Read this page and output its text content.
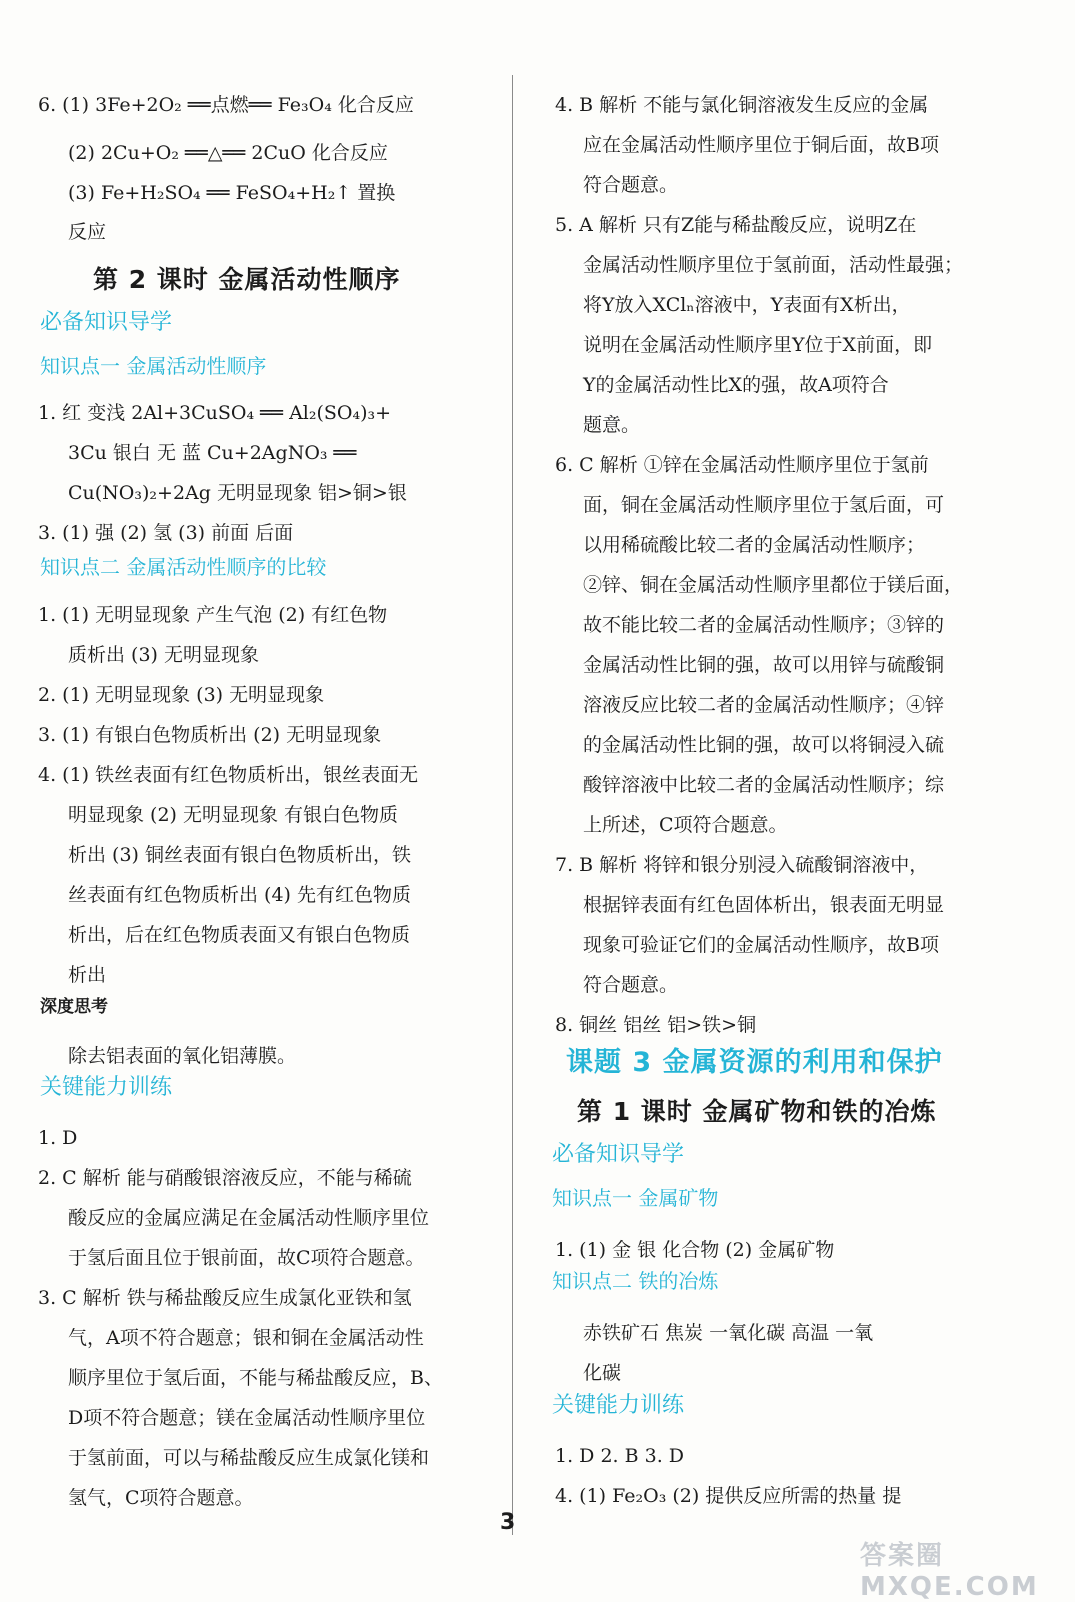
6. (1) 3Fe+2O₂ ══点燃══ Fe₃O₄ 化合反应
(2) 2Cu+O₂ ══△══ 2CuO 化合反应
(3) Fe+H₂SO₄ ══ FeSO₄+H₂↑ 置换
反应
第 2 课时 金属活动性顺序
必备知识导学
知识点一 金属活动性顺序
1. 红 变浅 2Al+3CuSO₄ ══ Al₂(SO₄)₃+
3Cu 银白 无 蓝 Cu+2AgNO₃ ══
Cu(NO₃)₂+2Ag 无明显现象 铝>铜>银
3. (1) 强 (2) 氢 (3) 前面 后面
知识点二 金属活动性顺序的比较
1. (1) 无明显现象 产生气泡 (2) 有红色物
质析出 (3) 无明显现象
2. (1) 无明显现象 (3) 无明显现象
3. (1) 有银白色物质析出 (2) 无明显现象
4. (1) 铁丝表面有红色物质析出，银丝表面无
明显现象 (2) 无明显现象 有银白色物质
析出 (3) 铜丝表面有银白色物质析出，铁
丝表面有红色物质析出 (4) 先有红色物质
析出，后在红色物质表面又有银白色物质
析出
深度思考
除去铝表面的氧化铝薄膜。
关键能力训练
1. D
2. C 解析 能与硝酸银溶液反应，不能与稀硫
酸反应的金属应满足在金属活动性顺序里位
于氢后面且位于银前面，故C项符合题意。
3. C 解析 铁与稀盐酸反应生成氯化亚铁和氢
气，A项不符合题意；银和铜在金属活动性
顺序里位于氢后面，不能与稀盐酸反应，B、
D项不符合题意；镁在金属活动性顺序里位
于氢前面，可以与稀盐酸反应生成氯化镁和
氢气，C项符合题意。
4. B 解析 不能与氯化铜溶液发生反应的金属
应在金属活动性顺序里位于铜后面，故B项
符合题意。
5. A 解析 只有Z能与稀盐酸反应，说明Z在
金属活动性顺序里位于氢前面，活动性最强；
将Y放入XClₙ溶液中，Y表面有X析出，
说明在金属活动性顺序里Y位于X前面，即
Y的金属活动性比X的强，故A项符合
题意。
6. C 解析 ①锌在金属活动性顺序里位于氢前
面，铜在金属活动性顺序里位于氢后面，可
以用稀硫酸比较二者的金属活动性顺序；
②锌、铜在金属活动性顺序里都位于镁后面，
故不能比较二者的金属活动性顺序；③锌的
金属活动性比铜的强，故可以用锌与硫酸铜
溶液反应比较二者的金属活动性顺序；④锌
的金属活动性比铜的强，故可以将铜浸入硫
酸锌溶液中比较二者的金属活动性顺序；综
上所述，C项符合题意。
7. B 解析 将锌和银分别浸入硫酸铜溶液中，
根据锌表面有红色固体析出，银表面无明显
现象可验证它们的金属活动性顺序，故B项
符合题意。
8. 铜丝 铝丝 铝>铁>铜
课题 3 金属资源的利用和保护
第 1 课时 金属矿物和铁的冶炼
必备知识导学
知识点一 金属矿物
1. (1) 金 银 化合物 (2) 金属矿物
知识点二 铁的冶炼
赤铁矿石 焦炭 一氧化碳 高温 一氧
化碳
关键能力训练
1. D 2. B 3. D
4. (1) Fe₂O₃ (2) 提供反应所需的热量 提
3
答案圈 MXQE.COM
